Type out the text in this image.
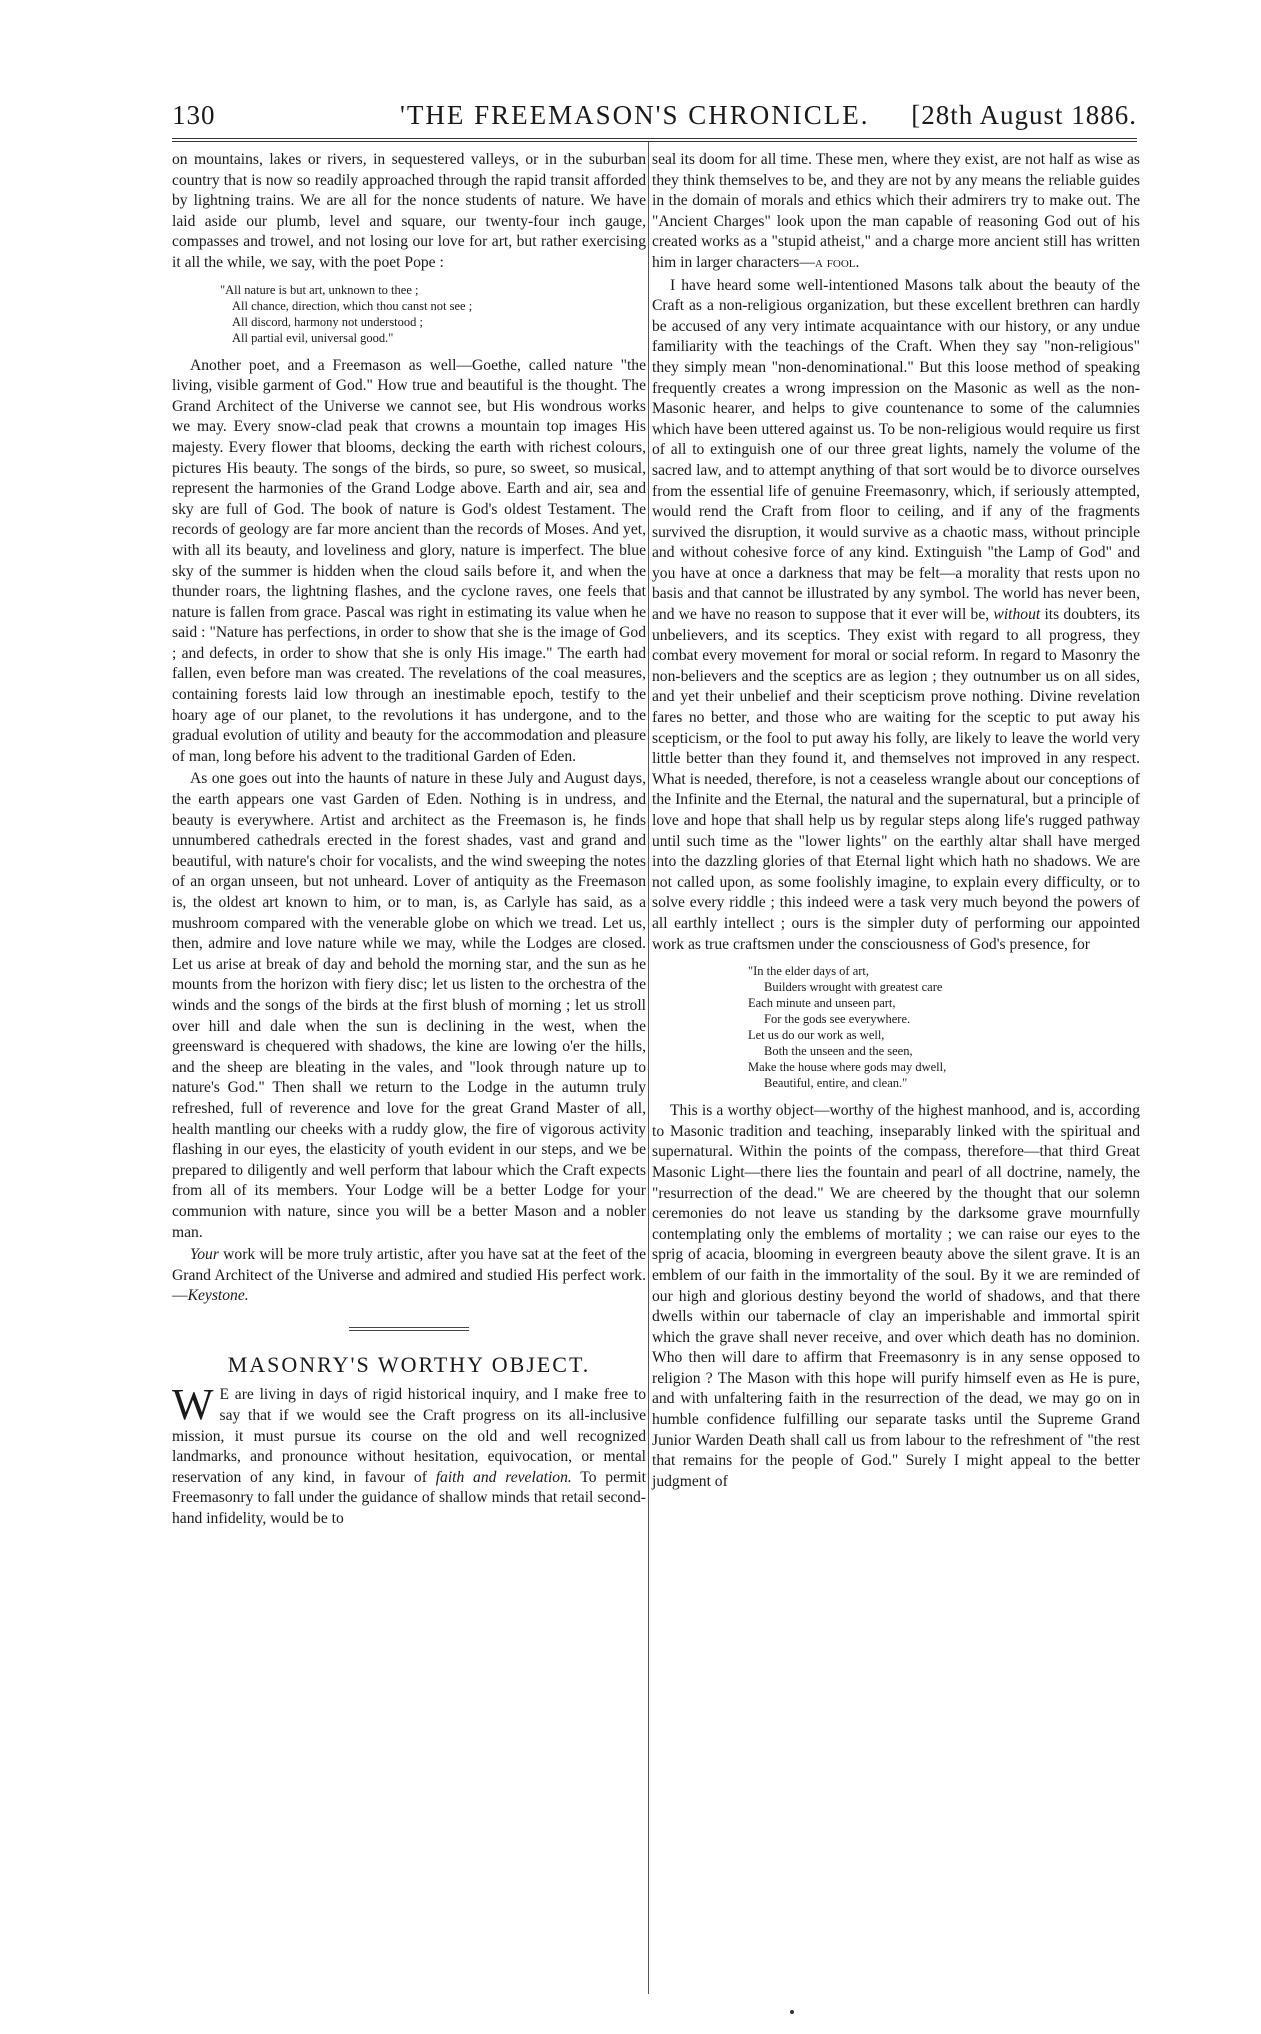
130	'THE FREEMASON'S CHRONICLE. [28th August 1886.

on mountains, lakes or rivers, in sequestered valleys, or in the suburban country that is now so readily approached through the rapid transit afforded by lightning trains. We are all for the nonce students of nature. We have laid aside our plumb, level and square, our twenty-four inch gauge, compasses and trowel, and not losing our love for art, but rather exercising it all the while, we say, with the poet Pope :

"All nature is but art, unknown to thee ;
All chance, direction, which thou canst not see ;
All discord, harmony not understood ;
All partial evil, universal good."

Another poet, and a Freemason as well—Goethe, called nature "the living, visible garment of God." How true and beautiful is the thought. The Grand Architect of the Universe we cannot see, but His wondrous works we may. Every snow-clad peak that crowns a mountain top images His majesty. Every flower that blooms, decking the earth with richest colours, pictures His beauty. The songs of the birds, so pure, so sweet, so musical, represent the harmonies of the Grand Lodge above. Earth and air, sea and sky are full of God. The book of nature is God's oldest Testament. The records of geology are far more ancient than the records of Moses. And yet, with all its beauty, and loveliness and glory, nature is imperfect. The blue sky of the summer is hidden when the cloud sails before it, and when the thunder roars, the lightning flashes, and the cyclone raves, one feels that nature is fallen from grace. Pascal was right in estimating its value when he said : "Nature has perfections, in order to show that she is the image of God ; and defects, in order to show that she is only His image." The earth had fallen, even before man was created. The revelations of the coal measures, containing forests laid low through an inestimable epoch, testify to the hoary age of our planet, to the revolutions it has undergone, and to the gradual evolution of utility and beauty for the accommodation and pleasure of man, long before his advent to the traditional Garden of Eden.

As one goes out into the haunts of nature in these July and August days, the earth appears one vast Garden of Eden. Nothing is in undress, and beauty is everywhere. Artist and architect as the Freemason is, he finds unnumbered cathedrals erected in the forest shades, vast and grand and beautiful, with nature's choir for vocalists, and the wind sweeping the notes of an organ unseen, but not unheard. Lover of antiquity as the Freemason is, the oldest art known to him, or to man, is, as Carlyle has said, as a mushroom compared with the venerable globe on which we tread. Let us, then, admire and love nature while we may, while the Lodges are closed. Let us arise at break of day and behold the morning star, and the sun as he mounts from the horizon with fiery disc; let us listen to the orchestra of the winds and the songs of the birds at the first blush of morning ; let us stroll over hill and dale when the sun is declining in the west, when the greensward is chequered with shadows, the kine are lowing o'er the hills, and the sheep are bleating in the vales, and "look through nature up to nature's God." Then shall we return to the Lodge in the autumn truly refreshed, full of reverence and love for the great Grand Master of all, health mantling our cheeks with a ruddy glow, the fire of vigorous activity flashing in our eyes, the elasticity of youth evident in our steps, and we be prepared to diligently and well perform that labour which the Craft expects from all of its members. Your Lodge will be a better Lodge for your communion with nature, since you will be a better Mason and a nobler man.

Your work will be more truly artistic, after you have sat at the feet of the Grand Architect of the Universe and admired and studied His perfect work.—Keystone.

MASONRY'S WORTHY OBJECT.

W E are living in days of rigid historical inquiry, and I make free to say that if we would see the Craft progress on its all-inclusive mission, it must pursue its course on the old and well recognized landmarks, and pronounce without hesitation, equivocation, or mental reservation of any kind, in favour of faith and revelation. To permit Freemasonry to fall under the guidance of shallow minds that retail second-hand infidelity, would be to

seal its doom for all time. These men, where they exist, are not half as wise as they think themselves to be, and they are not by any means the reliable guides in the domain of morals and ethics which their admirers try to make out. The "Ancient Charges" look upon the man capable of reasoning God out of his created works as a "stupid atheist," and a charge more ancient still has written him in larger characters—a fool.

I have heard some well-intentioned Masons talk about the beauty of the Craft as a non-religious organization, but these excellent brethren can hardly be accused of any very intimate acquaintance with our history, or any undue familiarity with the teachings of the Craft. When they say "non-religious" they simply mean "non-denominational." But this loose method of speaking frequently creates a wrong impression on the Masonic as well as the non-Masonic hearer, and helps to give countenance to some of the calumnies which have been uttered against us. To be non-religious would require us first of all to extinguish one of our three great lights, namely the volume of the sacred law, and to attempt anything of that sort would be to divorce ourselves from the essential life of genuine Freemasonry, which, if seriously attempted, would rend the Craft from floor to ceiling, and if any of the fragments survived the disruption, it would survive as a chaotic mass, without principle and without cohesive force of any kind. Extinguish "the Lamp of God" and you have at once a darkness that may be felt—a morality that rests upon no basis and that cannot be illustrated by any symbol. The world has never been, and we have no reason to suppose that it ever will be, without its doubters, its unbelievers, and its sceptics. They exist with regard to all progress, they combat every movement for moral or social reform. In regard to Masonry the non-believers and the sceptics are as legion ; they outnumber us on all sides, and yet their unbelief and their scepticism prove nothing. Divine revelation fares no better, and those who are waiting for the sceptic to put away his scepticism, or the fool to put away his folly, are likely to leave the world very little better than they found it, and themselves not improved in any respect. What is needed, therefore, is not a ceaseless wrangle about our conceptions of the Infinite and the Eternal, the natural and the supernatural, but a principle of love and hope that shall help us by regular steps along life's rugged pathway until such time as the "lower lights" on the earthly altar shall have merged into the dazzling glories of that Eternal light which hath no shadows. We are not called upon, as some foolishly imagine, to explain every difficulty, or to solve every riddle ; this indeed were a task very much beyond the powers of all earthly intellect ; ours is the simpler duty of performing our appointed work as true craftsmen under the consciousness of God's presence, for

"In the elder days of art,
Builders wrought with greatest care
Each minute and unseen part,
For the gods see everywhere.
Let us do our work as well,
Both the unseen and the seen,
Make the house where gods may dwell,
Beautiful, entire, and clean."

This is a worthy object—worthy of the highest manhood, and is, according to Masonic tradition and teaching, inseparably linked with the spiritual and supernatural. Within the points of the compass, therefore—that third Great Masonic Light—there lies the fountain and pearl of all doctrine, namely, the "resurrection of the dead." We are cheered by the thought that our solemn ceremonies do not leave us standing by the darksome grave mournfully contemplating only the emblems of mortality ; we can raise our eyes to the sprig of acacia, blooming in evergreen beauty above the silent grave. It is an emblem of our faith in the immortality of the soul. By it we are reminded of our high and glorious destiny beyond the world of shadows, and that there dwells within our tabernacle of clay an imperishable and immortal spirit which the grave shall never receive, and over which death has no dominion. Who then will dare to affirm that Freemasonry is in any sense opposed to religion ? The Mason with this hope will purify himself even as He is pure, and with unfaltering faith in the resurrection of the dead, we may go on in humble confidence fulfilling our separate tasks until the Supreme Grand Junior Warden Death shall call us from labour to the refreshment of "the rest that remains for the people of God." Surely I might appeal to the better judgment of
